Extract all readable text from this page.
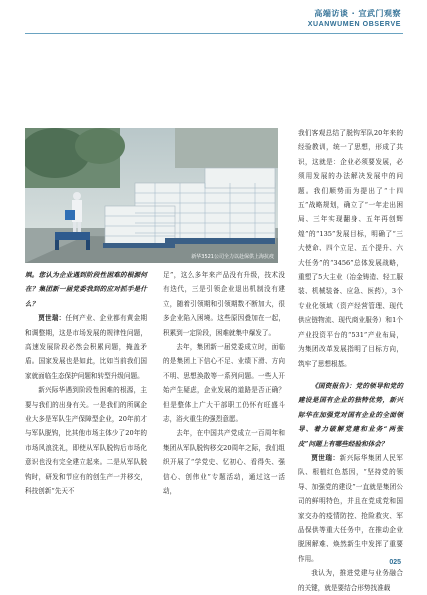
高端访谈 · 宜武门观察
XUANWUMEN OBSERVE
新华3521公司全力以赴保供上海抗疫

飒。您认为企业遇到阶段性困难的根源何在？集团新一届党委我到的应对抓手是什么？

贾世瑞：任何产业、企业都有黄金期和调整期，这是市场发展的规律性问题，高速发展阶段必然会积累问题，掩盖矛盾。国家发展也是如此，比如当前我们国家就面临生态保护问题和转型升级问题。

新兴际华遇到阶段性困难的根源，主要与我们的出身有关。一是我们的所属企业大多是军队生产保障型企业，20年前才与军队脱钩，比其他市场主体少了20年的市场风浪洗礼，即使从军队脱钩后市场化意识也没有完全建立起来。二是从军队脱钩时，研发和节应有的创生产一并移交，科技创新“先天不

足”，这么多年来产品没有升级，技术没有迭代，三是引领企业退出机制没有建立，随着引领期和引领期数不断加大，很多企业陷入困境。这些原因叠加在一起，积累到一定阶段，困难就集中爆发了。

去年，集团新一届党委成立时，面临的是集团上下信心不足、业绩下滑、方向不明、思想涣散等一系列问题。一些人开始产生疑虑，企业发展的道路是否正确？但是整体上广大干部职工仍怀有旺盛斗志，浴火重生的强烈意愿。

去年，在中国共产党成立一百周年和集团从军队脱钩移交20周年之际，我们组织开展了“学党史、忆初心、看得失、强信心、创伟业”专题活动，通过这一活动，

我们客观总结了脱钩军队20年来的经验教训，统一了思想，形成了共识，这就是：企业必须要发展，必须用发展的办法解决发展中的问题。我们顺势而为提出了“十四五”战略规划，确立了“一年走出困局、三年实现翻身、五年再创辉煌”的“135”发展目标，明确了“三大使命、四个立足、五个提升、六大任务”的“3456”总体发展战略，重塑了5大主业（冶金铸造、轻工服装、机械装备、应急、医药），3个专业化领域（资产经营管理、现代供应链物流、现代商业服务）和1个产业投资平台的“531”产业布局，为集团改革发展指明了目标方向，筑牢了思想根基。

《国资报告》：党的领导和党的建设是国有企业的独特优势，新兴际华在加强党对国有企业的全面领导、着力破解党建和业务“两张皮”问题上有哪些经验和体会？

贾世瑞：新兴际华集团人民军队、根植红色基因，“坚持党的领导、加强党的建设”一直就是集团公司的鲜明特色，并且在党成党和国家交办的疫情防控、抢险救灾、军品保供等重大任务中，在推动企业脱困解难、焕然新生中发挥了重要作用。

我认为，推进党建与业务融合的关键，就是要结合形势找准载

025
